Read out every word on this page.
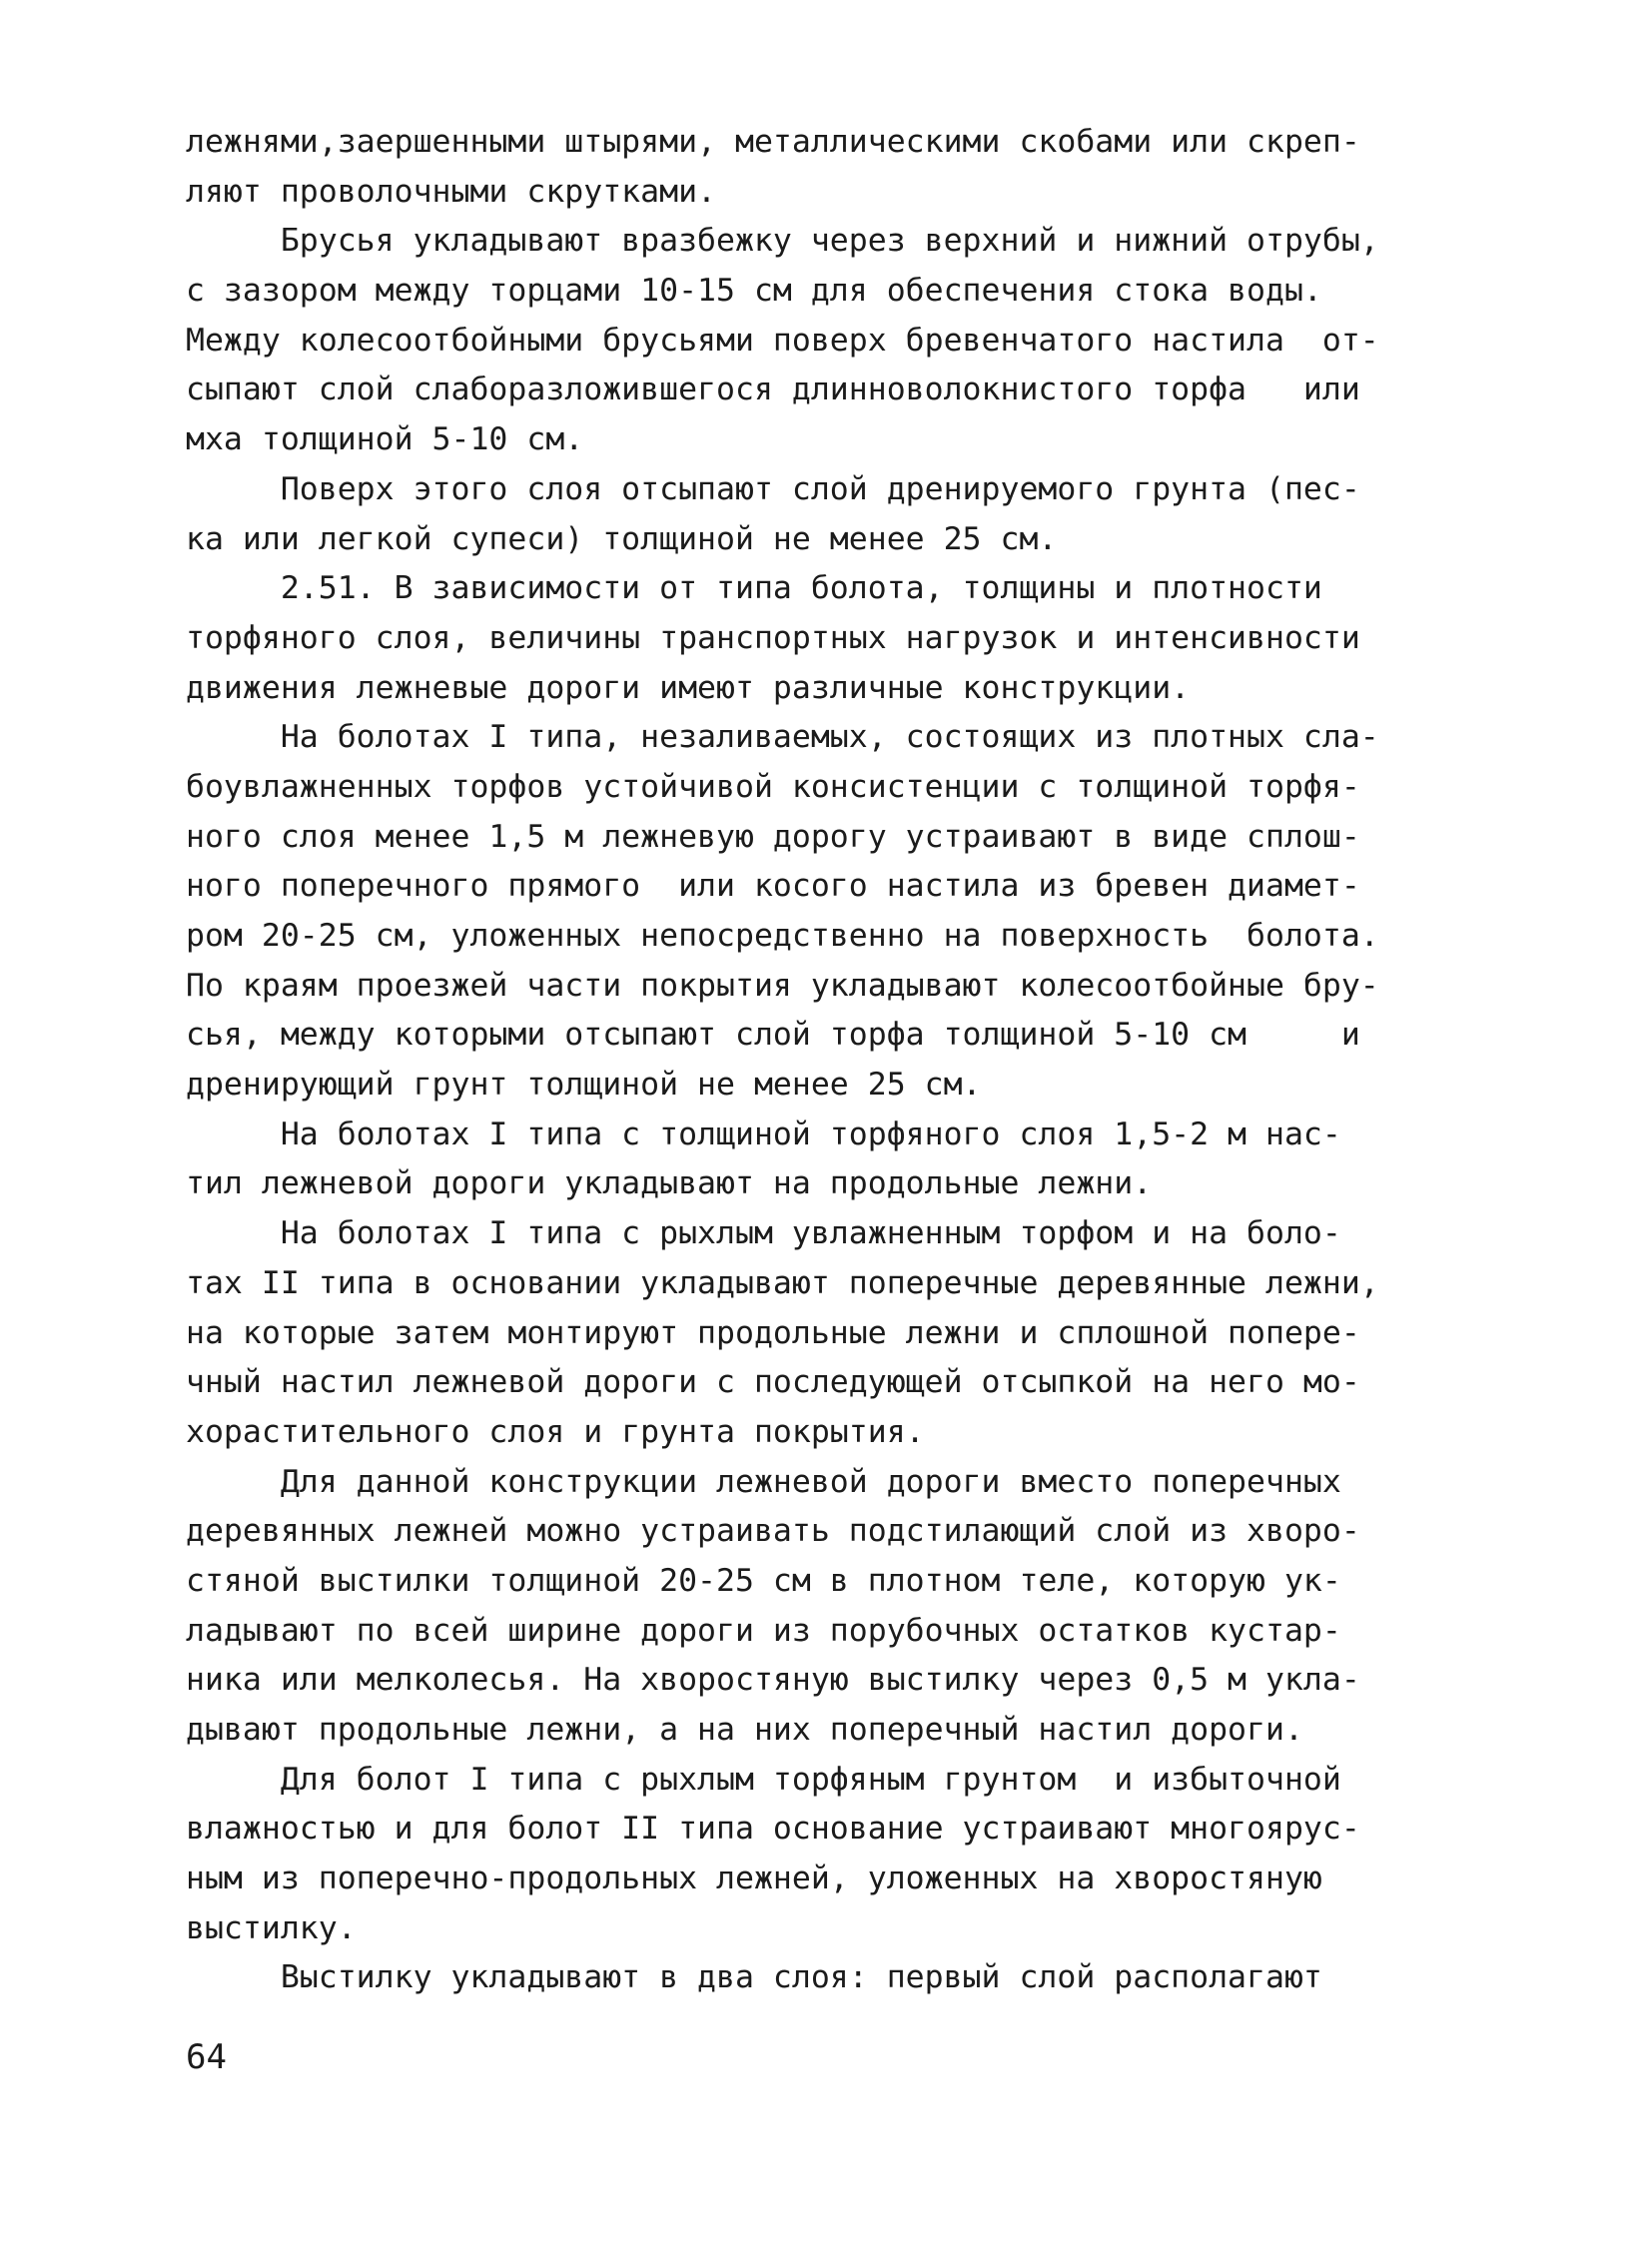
лежнями,заершенными штырями, металлическими скобами или скреп-
ляют проволочными скрутками.
Брусья укладывают вразбежку через верхний и нижний отрубы,
с зазором между торцами 10-15 см для обеспечения стока воды.
Между колесоотбойными брусьями поверх бревенчатого настила  от-
сыпают слой слаборазложившегося длинноволокнистого торфа   или
мха толщиной 5-10 см.
Поверх этого слоя отсыпают слой дренируемого грунта (пес-
ка или легкой супеси) толщиной не менее 25 см.
2.51. В зависимости от типа болота, толщины и плотности
торфяного слоя, величины транспортных нагрузок и интенсивности
движения лежневые дороги имеют различные конструкции.
На болотах I типа, незаливаемых, состоящих из плотных сла-
боувлажненных торфов устойчивой консистенции с толщиной торфя-
ного слоя менее 1,5 м лежневую дорогу устраивают в виде сплош-
ного поперечного прямого  или косого настила из бревен диамет-
ром 20-25 см, уложенных непосредственно на поверхность  болота.
По краям проезжей части покрытия укладывают колесоотбойные бру-
сья, между которыми отсыпают слой торфа толщиной 5-10 см     и
дренирующий грунт толщиной не менее 25 см.
На болотах I типа с толщиной торфяного слоя 1,5-2 м нас-
тил лежневой дороги укладывают на продольные лежни.
На болотах I типа с рыхлым увлажненным торфом и на боло-
тах II типа в основании укладывают поперечные деревянные лежни,
на которые затем монтируют продольные лежни и сплошной попере-
чный настил лежневой дороги с последующей отсыпкой на него мо-
хорастительного слоя и грунта покрытия.
Для данной конструкции лежневой дороги вместо поперечных
деревянных лежней можно устраивать подстилающий слой из хворо-
стяной выстилки толщиной 20-25 см в плотном теле, которую ук-
ладывают по всей ширине дороги из порубочных остатков кустар-
ника или мелколесья. На хворостяную выстилку через 0,5 м укла-
дывают продольные лежни, а на них поперечный настил дороги.
Для болот I типа с рыхлым торфяным грунтом  и избыточной
влажностью и для болот II типа основание устраивают многоярус-
ным из поперечно-продольных лежней, уложенных на хворостяную
выстилку.
Выстилку укладывают в два слоя: первый слой располагают
64
